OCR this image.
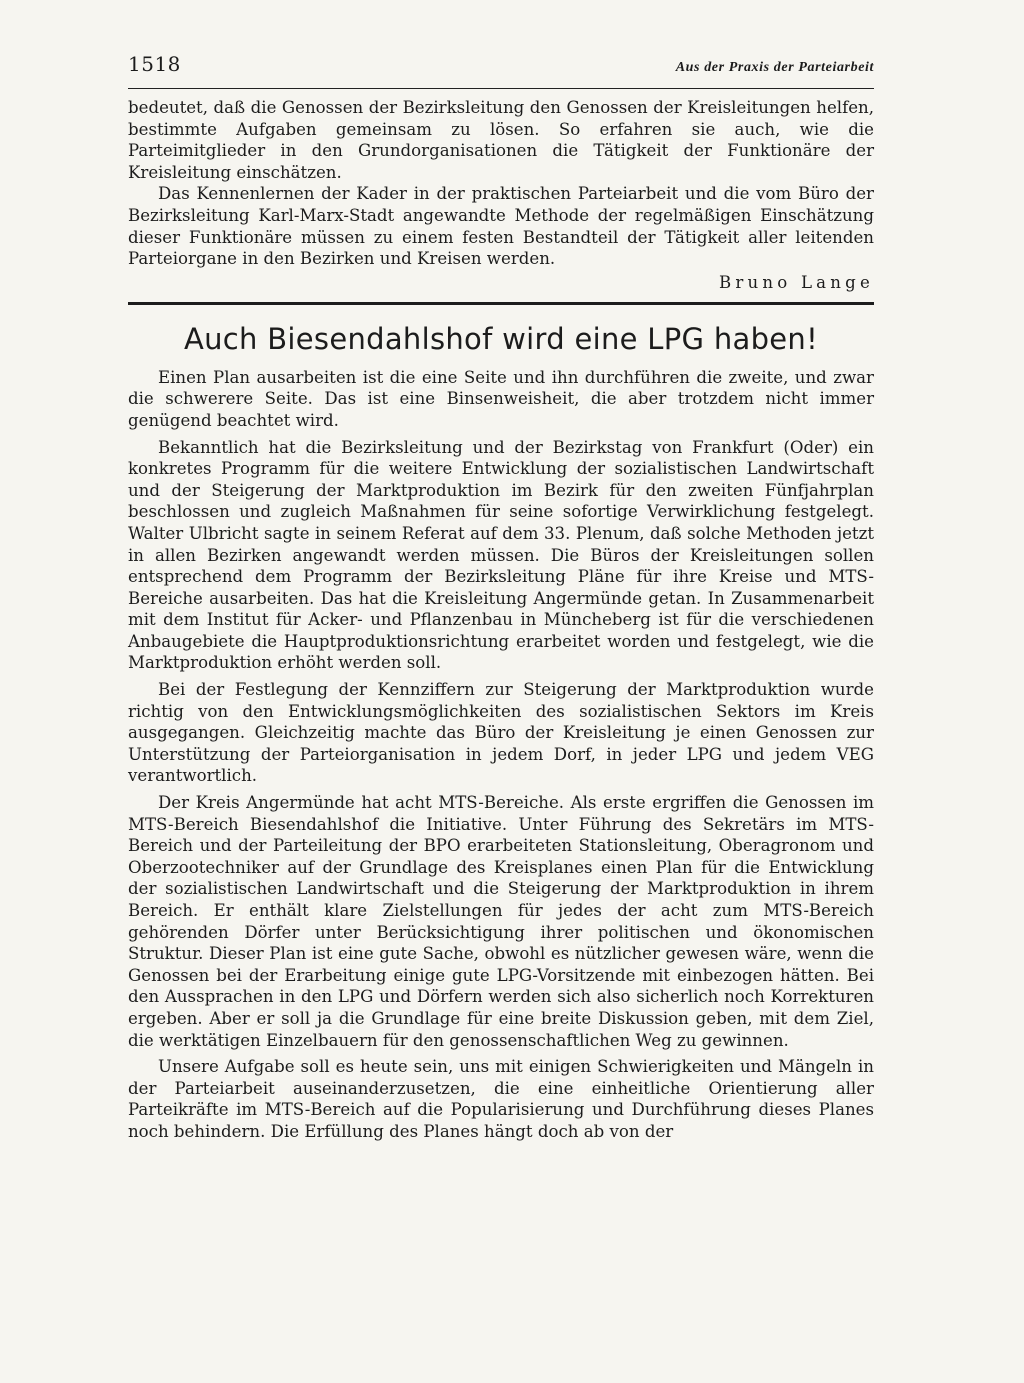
1518	Aus der Praxis der Parteiarbeit

bedeutet, daß die Genossen der Bezirksleitung den Genossen der Kreisleitungen helfen, bestimmte Aufgaben gemeinsam zu lösen. So erfahren sie auch, wie die Parteimitglieder in den Grundorganisationen die Tätigkeit der Funktionäre der Kreisleitung einschätzen.

Das Kennenlernen der Kader in der praktischen Parteiarbeit und die vom Büro der Bezirksleitung Karl-Marx-Stadt angewandte Methode der regelmäßigen Einschätzung dieser Funktionäre müssen zu einem festen Bestandteil der Tätigkeit aller leitenden Parteiorgane in den Bezirken und Kreisen werden.

Bruno Lange
Auch Biesendahlshof wird eine LPG haben!

Einen Plan ausarbeiten ist die eine Seite und ihn durchführen die zweite, und zwar die schwerere Seite. Das ist eine Binsenweisheit, die aber trotzdem nicht immer genügend beachtet wird.

Bekanntlich hat die Bezirksleitung und der Bezirkstag von Frankfurt (Oder) ein konkretes Programm für die weitere Entwicklung der sozialistischen Landwirtschaft und der Steigerung der Marktproduktion im Bezirk für den zweiten Fünfjahrplan beschlossen und zugleich Maßnahmen für seine sofortige Verwirklichung festgelegt. Walter Ulbricht sagte in seinem Referat auf dem 33. Plenum, daß solche Methoden jetzt in allen Bezirken angewandt werden müssen. Die Büros der Kreisleitungen sollen entsprechend dem Programm der Bezirksleitung Pläne für ihre Kreise und MTS-Bereiche ausarbeiten. Das hat die Kreisleitung Angermünde getan. In Zusammenarbeit mit dem Institut für Acker- und Pflanzenbau in Müncheberg ist für die verschiedenen Anbaugebiete die Hauptproduktionsrichtung erarbeitet worden und festgelegt, wie die Marktproduktion erhöht werden soll.

Bei der Festlegung der Kennziffern zur Steigerung der Marktproduktion wurde richtig von den Entwicklungsmöglichkeiten des sozialistischen Sektors im Kreis ausgegangen. Gleichzeitig machte das Büro der Kreisleitung je einen Genossen zur Unterstützung der Parteiorganisation in jedem Dorf, in jeder LPG und jedem VEG verantwortlich.

Der Kreis Angermünde hat acht MTS-Bereiche. Als erste ergriffen die Genossen im MTS-Bereich Biesendahlshof die Initiative. Unter Führung des Sekretärs im MTS-Bereich und der Parteileitung der BPO erarbeiteten Stationsleitung, Oberagronom und Oberzootechniker auf der Grundlage des Kreisplanes einen Plan für die Entwicklung der sozialistischen Landwirtschaft und die Steigerung der Marktproduktion in ihrem Bereich. Er enthält klare Zielstellungen für jedes der acht zum MTS-Bereich gehörenden Dörfer unter Berücksichtigung ihrer politischen und ökonomischen Struktur. Dieser Plan ist eine gute Sache, obwohl es nützlicher gewesen wäre, wenn die Genossen bei der Erarbeitung einige gute LPG-Vorsitzende mit einbezogen hätten. Bei den Aussprachen in den LPG und Dörfern werden sich also sicherlich noch Korrekturen ergeben. Aber er soll ja die Grundlage für eine breite Diskussion geben, mit dem Ziel, die werktätigen Einzelbauern für den genossenschaftlichen Weg zu gewinnen.

Unsere Aufgabe soll es heute sein, uns mit einigen Schwierigkeiten und Mängeln in der Parteiarbeit auseinanderzusetzen, die eine einheitliche Orientierung aller Parteikräfte im MTS-Bereich auf die Popularisierung und Durchführung dieses Planes noch behindern. Die Erfüllung des Planes hängt doch ab von der
